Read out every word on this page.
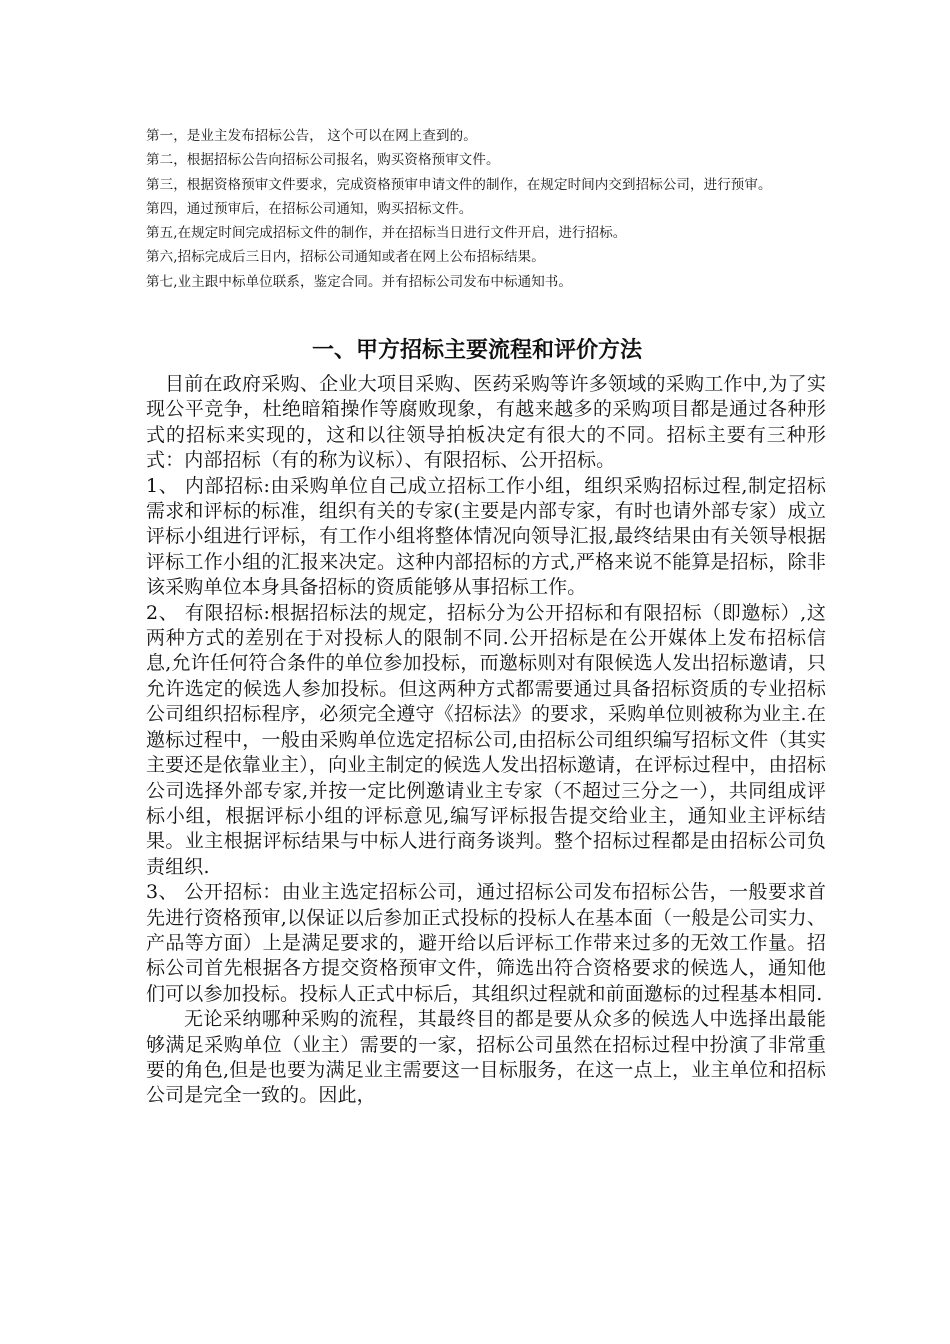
第一，是业主发布招标公告， 这个可以在网上查到的。

第二，根据招标公告向招标公司报名，购买资格预审文件。

第三，根据资格预审文件要求，完成资格预审申请文件的制作，在规定时间内交到招标公司，进行预审。

第四，通过预审后，在招标公司通知，购买招标文件。

第五,在规定时间完成招标文件的制作，并在招标当日进行文件开启，进行招标。

第六,招标完成后三日内，招标公司通知或者在网上公布招标结果。

第七,业主跟中标单位联系，鉴定合同。并有招标公司发布中标通知书。

一、甲方招标主要流程和评价方法

目前在政府采购、企业大项目采购、医药采购等许多领域的采购工作中,为了实现公平竞争，杜绝暗箱操作等腐败现象，有越来越多的采购项目都是通过各种形式的招标来实现的，这和以往领导拍板决定有很大的不同。招标主要有三种形式：内部招标（有的称为议标）、有限招标、公开招标。

1、 内部招标:由采购单位自己成立招标工作小组，组织采购招标过程,制定招标需求和评标的标准，组织有关的专家(主要是内部专家，有时也请外部专家）成立评标小组进行评标，有工作小组将整体情况向领导汇报,最终结果由有关领导根据评标工作小组的汇报来决定。这种内部招标的方式,严格来说不能算是招标，除非该采购单位本身具备招标的资质能够从事招标工作。

2、 有限招标:根据招标法的规定，招标分为公开招标和有限招标（即邀标）,这两种方式的差别在于对投标人的限制不同.公开招标是在公开媒体上发布招标信息,允许任何符合条件的单位参加投标，而邀标则对有限候选人发出招标邀请，只允许选定的候选人参加投标。但这两种方式都需要通过具备招标资质的专业招标公司组织招标程序，必须完全遵守《招标法》的要求，采购单位则被称为业主.在邀标过程中，一般由采购单位选定招标公司,由招标公司组织编写招标文件（其实主要还是依靠业主），向业主制定的候选人发出招标邀请，在评标过程中，由招标公司选择外部专家,并按一定比例邀请业主专家（不超过三分之一），共同组成评标小组，根据评标小组的评标意见,编写评标报告提交给业主，通知业主评标结果。业主根据评标结果与中标人进行商务谈判。整个招标过程都是由招标公司负责组织.

3、 公开招标：由业主选定招标公司，通过招标公司发布招标公告，一般要求首先进行资格预审,以保证以后参加正式投标的投标人在基本面（一般是公司实力、产品等方面）上是满足要求的，避开给以后评标工作带来过多的无效工作量。招标公司首先根据各方提交资格预审文件，筛选出符合资格要求的候选人，通知他们可以参加投标。投标人正式中标后，其组织过程就和前面邀标的过程基本相同.

无论采纳哪种采购的流程，其最终目的都是要从众多的候选人中选择出最能够满足采购单位（业主）需要的一家，招标公司虽然在招标过程中扮演了非常重要的角色,但是也要为满足业主需要这一目标服务，在这一点上，业主单位和招标公司是完全一致的。因此，
